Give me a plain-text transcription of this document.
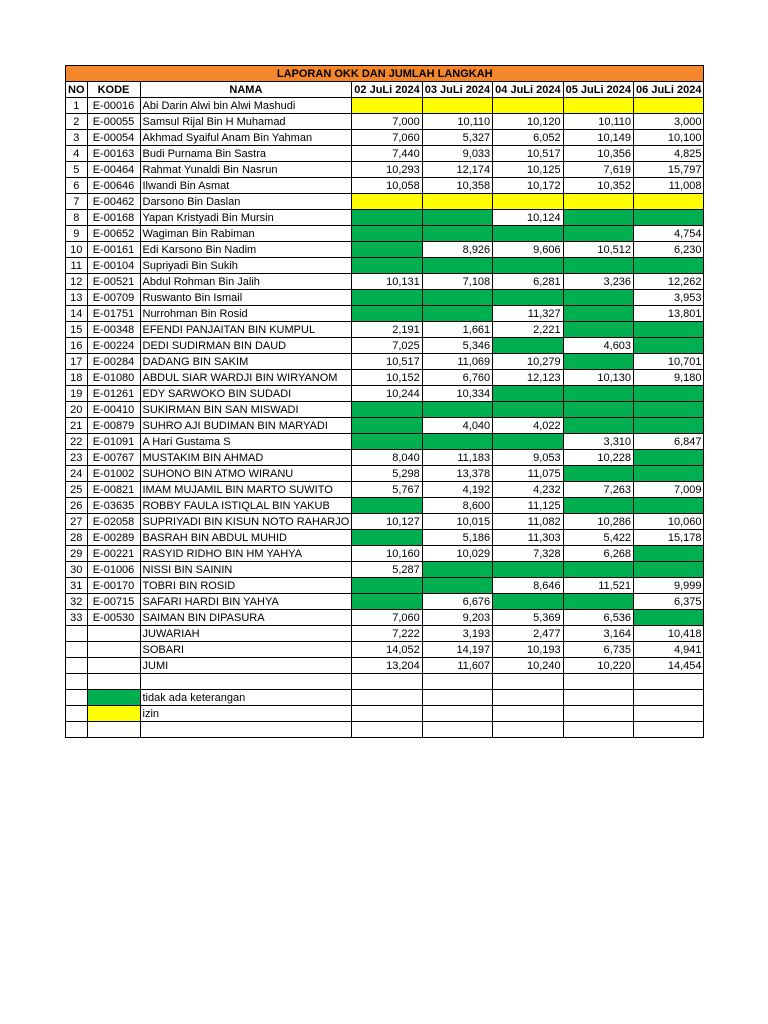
LAPORAN OKK DAN JUMLAH LANGKAH							
NO	KODE	NAMA	02 JuLi 2024	03 JuLi 2024	04 JuLi 2024	05 JuLi 2024	06 JuLi 2024
1	E-00016	Abi Darin Alwi bin Alwi Mashudi					
2	E-00055	Samsul Rijal Bin H Muhamad	7,000	10,110	10,120	10,110	3,000
3	E-00054	Akhmad Syaiful Anam Bin Yahman	7,060	5,327	6,052	10,149	10,100
4	E-00163	Budi Purnama Bin Sastra	7,440	9,033	10,517	10,356	4,825
5	E-00464	Rahmat Yunaldi Bin Nasrun	10,293	12,174	10,125	7,619	15,797
6	E-00646	Ilwandi Bin Asmat	10,058	10,358	10,172	10,352	11,008
7	E-00462	Darsono Bin Daslan					
8	E-00168	Yapan Kristyadi Bin Mursin			10,124		
9	E-00652	Wagiman Bin Rabiman					4,754
10	E-00161	Edi Karsono Bin Nadim		8,926	9,606	10,512	6,230
11	E-00104	Supriyadi Bin Sukih					
12	E-00521	Abdul Rohman Bin Jalih	10,131	7,108	6,281	3,236	12,262
13	E-00709	Ruswanto Bin Ismail					3,953
14	E-01751	Nurrohman Bin Rosid			11,327		13,801
15	E-00348	EFENDI PANJAITAN BIN KUMPUL	2,191	1,661	2,221		
16	E-00224	DEDI SUDIRMAN BIN DAUD	7,025	5,346		4,603	
17	E-00284	DADANG BIN SAKIM	10,517	11,069	10,279		10,701
18	E-01080	ABDUL SIAR WARDJI BIN WIRYANOM	10,152	6,760	12,123	10,130	9,180
19	E-01261	EDY SARWOKO BIN SUDADI	10,244	10,334			
20	E-00410	SUKIRMAN BIN SAN MISWADI					
21	E-00879	SUHRO AJI BUDIMAN BIN MARYADI		4,040	4,022		
22	E-01091	A Hari Gustama S				3,310	6,847
23	E-00767	MUSTAKIM BIN AHMAD	8,040	11,183	9,053	10,228	
24	E-01002	SUHONO BIN ATMO WIRANU	5,298	13,378	11,075		
25	E-00821	IMAM MUJAMIL BIN MARTO SUWITO	5,767	4,192	4,232	7,263	7,009
26	E-03635	ROBBY FAULA ISTIQLAL BIN YAKUB		8,600	11,125		
27	E-02058	SUPRIYADI BIN KISUN NOTO RAHARJO	10,127	10,015	11,082	10,286	10,060
28	E-00289	BASRAH BIN ABDUL MUHID		5,186	11,303	5,422	15,178
29	E-00221	RASYID RIDHO BIN HM YAHYA	10,160	10,029	7,328	6,268	
30	E-01006	NISSI BIN SAININ	5,287				
31	E-00170	TOBRI BIN ROSID			8,646	11,521	9,999
32	E-00715	SAFARI HARDI BIN YAHYA		6,676			6,375
33	E-00530	SAIMAN BIN DIPASURA	7,060	9,203	5,369	6,536	
		JUWARIAH	7,222	3,193	2,477	3,164	10,418
		SOBARI	14,052	14,197	10,193	6,735	4,941
		JUMI	13,204	11,607	10,240	10,220	14,454

		tidak ada keterangan					
		izin					
